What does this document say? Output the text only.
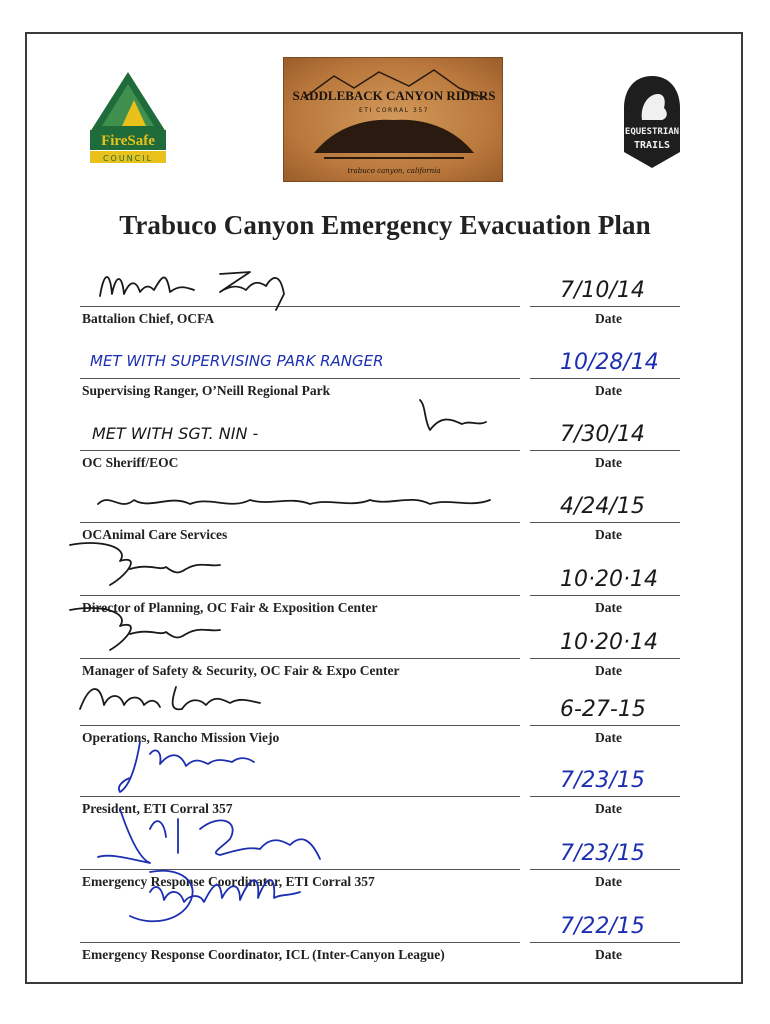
FireSafe
COUNCIL
SADDLEBACK CANYON RIDERS
ETI CORRAL 357
trabuco canyon, california
EQUESTRIAN
TRAILS
Trabuco Canyon Emergency Evacuation Plan
7/10/14
Battalion Chief, OCFA	Date
MET WITH SUPERVISING PARK RANGER	10/28/14
Supervising Ranger, O’Neill Regional Park	Date
MET WITH SGT. NIN -	7/30/14
OC Sheriff/EOC	Date
4/24/15
OCAnimal Care Services	Date
10·20·14
Director of Planning, OC Fair & Exposition Center	Date
10·20·14
Manager of Safety & Security, OC Fair & Expo Center	Date
6-27-15
Operations, Rancho Mission Viejo	Date
7/23/15
President, ETI Corral 357	Date
7/23/15
Emergency Response Coordinator, ETI Corral 357	Date
7/22/15
Emergency Response Coordinator, ICL (Inter-Canyon League)	Date
